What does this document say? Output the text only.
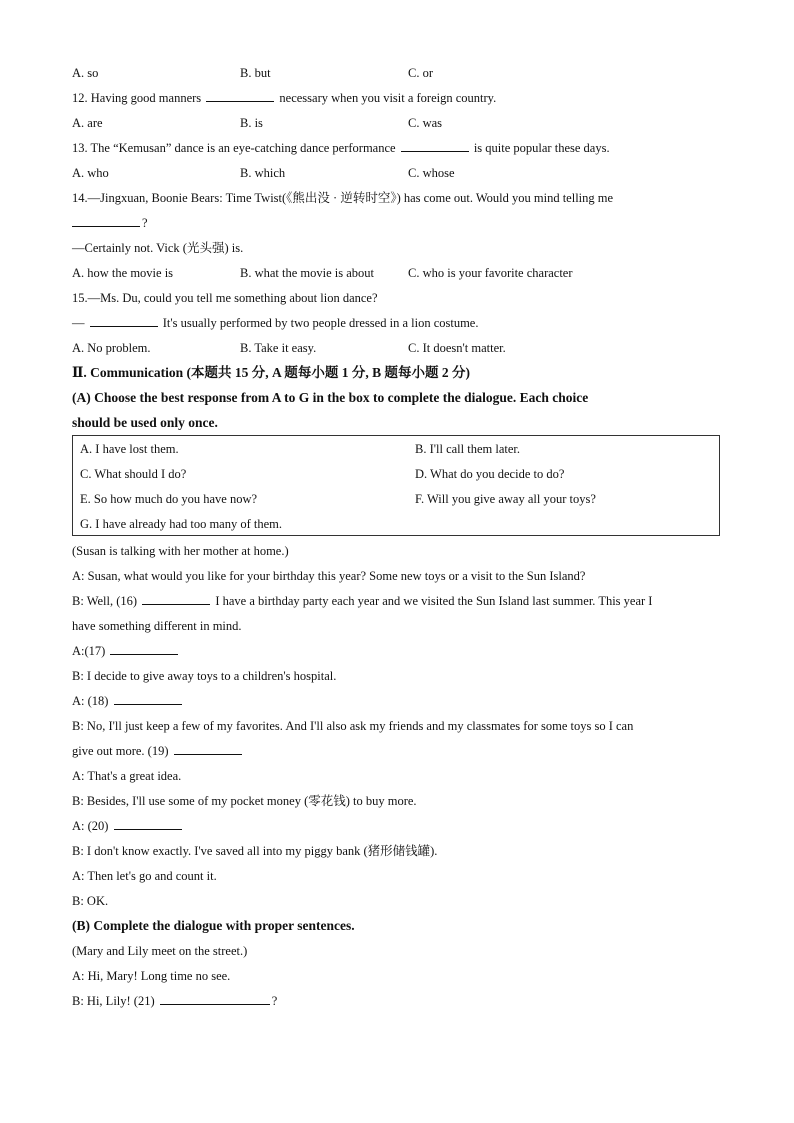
A. so	B. but	C. or
12. Having good manners	necessary when you visit a foreign country.
A. are	B. is	C. was
13. The “Kemusan” dance is an eye-catching dance performance	is quite popular these days.
A. who	B. which	C. whose
14.—Jingxuan, Boonie Bears: Time Twist(《熊出没 · 逆转时空》) has come out. Would you mind telling me
?
—Certainly not. Vick (光头强) is.
A. how the movie is	B. what the movie is about	C. who is your favorite character
15.—Ms. Du, could you tell me something about lion dance?
—	It's usually performed by two people dressed in a lion costume.
A. No problem.	B. Take it easy.	C. It doesn't matter.
Ⅱ. Communication (本题共 15 分, A 题每小题 1 分, B 题每小题 2 分)
(A) Choose the best response from A to G in the box to complete the dialogue. Each choice
should be used only once.
A. I have lost them.	B. I'll call them later.
C. What should I do?	D. What do you decide to do?
E. So how much do you have now?	F. Will you give away all your toys?
G. I have already had too many of them.
(Susan is talking with her mother at home.)
A: Susan, what would you like for your birthday this year? Some new toys or a visit to the Sun Island?
B: Well, (16)	I have a birthday party each year and we visited the Sun Island last summer. This year I
have something different in mind.
A:(17)
B: I decide to give away toys to a children's hospital.
A: (18)
B: No, I'll just keep a few of my favorites. And I'll also ask my friends and my classmates for some toys so I can
give out more. (19)
A: That's a great idea.
B: Besides, I'll use some of my pocket money (零花钱) to buy more.
A: (20)
B: I don't know exactly. I've saved all into my piggy bank (猪形储钱罐).
A: Then let's go and count it.
B: OK.
(B) Complete the dialogue with proper sentences.
(Mary and Lily meet on the street.)
A: Hi, Mary! Long time no see.
B: Hi, Lily! (21)	?
